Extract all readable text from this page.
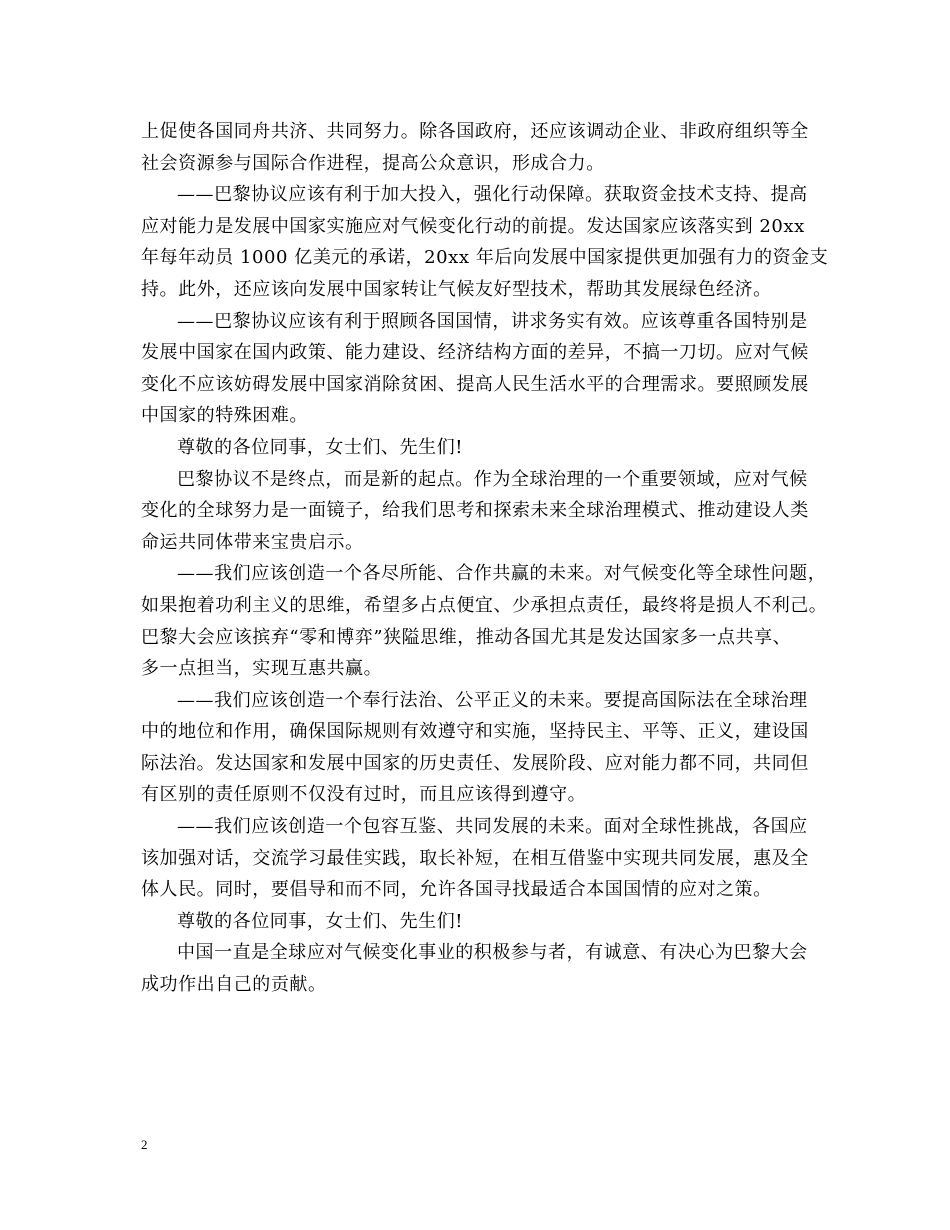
上促使各国同舟共济、共同努力。除各国政府，还应该调动企业、非政府组织等全
社会资源参与国际合作进程，提高公众意识，形成合力。

——巴黎协议应该有利于加大投入，强化行动保障。获取资金技术支持、提高
应对能力是发展中国家实施应对气候变化行动的前提。发达国家应该落实到 20xx
年每年动员 1000 亿美元的承诺，20xx 年后向发展中国家提供更加强有力的资金支
持。此外，还应该向发展中国家转让气候友好型技术，帮助其发展绿色经济。

——巴黎协议应该有利于照顾各国国情，讲求务实有效。应该尊重各国特别是
发展中国家在国内政策、能力建设、经济结构方面的差异，不搞一刀切。应对气候
变化不应该妨碍发展中国家消除贫困、提高人民生活水平的合理需求。要照顾发展
中国家的特殊困难。

尊敬的各位同事，女士们、先生们!

巴黎协议不是终点，而是新的起点。作为全球治理的一个重要领域，应对气候
变化的全球努力是一面镜子，给我们思考和探索未来全球治理模式、推动建设人类
命运共同体带来宝贵启示。

——我们应该创造一个各尽所能、合作共赢的未来。对气候变化等全球性问题，
如果抱着功利主义的思维，希望多占点便宜、少承担点责任，最终将是损人不利己。
巴黎大会应该摈弃“零和博弈”狭隘思维，推动各国尤其是发达国家多一点共享、
多一点担当，实现互惠共赢。

——我们应该创造一个奉行法治、公平正义的未来。要提高国际法在全球治理
中的地位和作用，确保国际规则有效遵守和实施，坚持民主、平等、正义，建设国
际法治。发达国家和发展中国家的历史责任、发展阶段、应对能力都不同，共同但
有区别的责任原则不仅没有过时，而且应该得到遵守。

——我们应该创造一个包容互鉴、共同发展的未来。面对全球性挑战，各国应
该加强对话，交流学习最佳实践，取长补短，在相互借鉴中实现共同发展，惠及全
体人民。同时，要倡导和而不同，允许各国寻找最适合本国国情的应对之策。

尊敬的各位同事，女士们、先生们!

中国一直是全球应对气候变化事业的积极参与者，有诚意、有决心为巴黎大会
成功作出自己的贡献。

2
